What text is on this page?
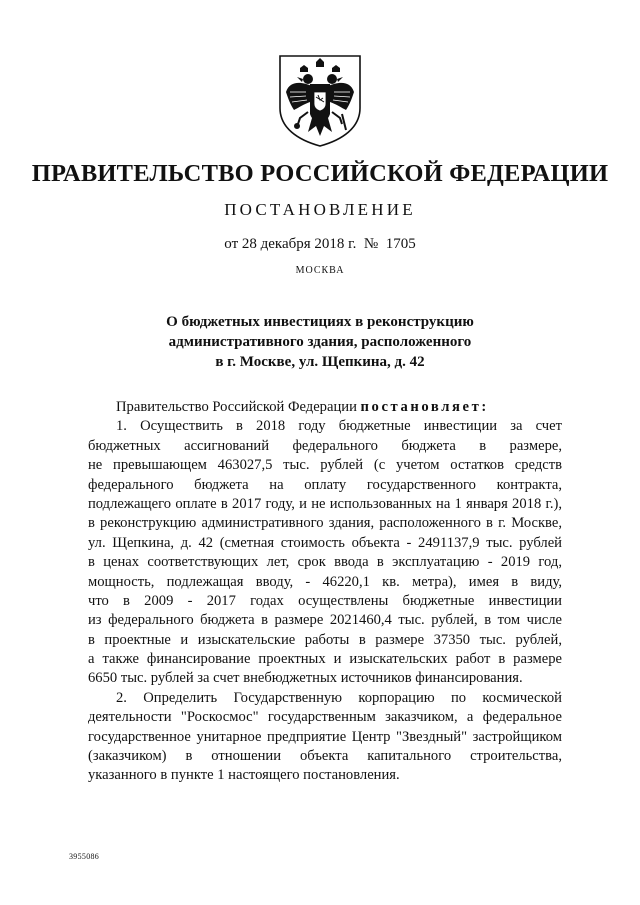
ПРАВИТЕЛЬСТВО РОССИЙСКОЙ ФЕДЕРАЦИИ
ПОСТАНОВЛЕНИЕ
от 28 декабря 2018 г.  №  1705
МОСКВА
О бюджетных инвестициях в реконструкцию
административного здания, расположенного
в г. Москве, ул. Щепкина, д. 42
Правительство Российской Федерации постановляет:
1. Осуществить в 2018 году бюджетные инвестиции за счет
бюджетных ассигнований федерального бюджета в размере,
не превышающем 463027,5 тыс. рублей (с учетом остатков средств
федерального бюджета на оплату государственного контракта,
подлежащего оплате в 2017 году, и не использованных на 1 января 2018 г.),
в реконструкцию административного здания, расположенного в г. Москве,
ул. Щепкина, д. 42 (сметная стоимость объекта - 2491137,9 тыс. рублей
в ценах соответствующих лет, срок ввода в эксплуатацию - 2019 год,
мощность, подлежащая вводу, - 46220,1 кв. метра), имея в виду,
что в 2009 - 2017 годах осуществлены бюджетные инвестиции
из федерального бюджета в размере 2021460,4 тыс. рублей, в том числе
в проектные и изыскательские работы в размере 37350 тыс. рублей,
а также финансирование проектных и изыскательских работ в размере
6650 тыс. рублей за счет внебюджетных источников финансирования.
2. Определить Государственную корпорацию по космической
деятельности "Роскосмос" государственным заказчиком, а федеральное
государственное унитарное предприятие Центр "Звездный" застройщиком
(заказчиком) в отношении объекта капитального строительства,
указанного в пункте 1 настоящего постановления.
3955086
